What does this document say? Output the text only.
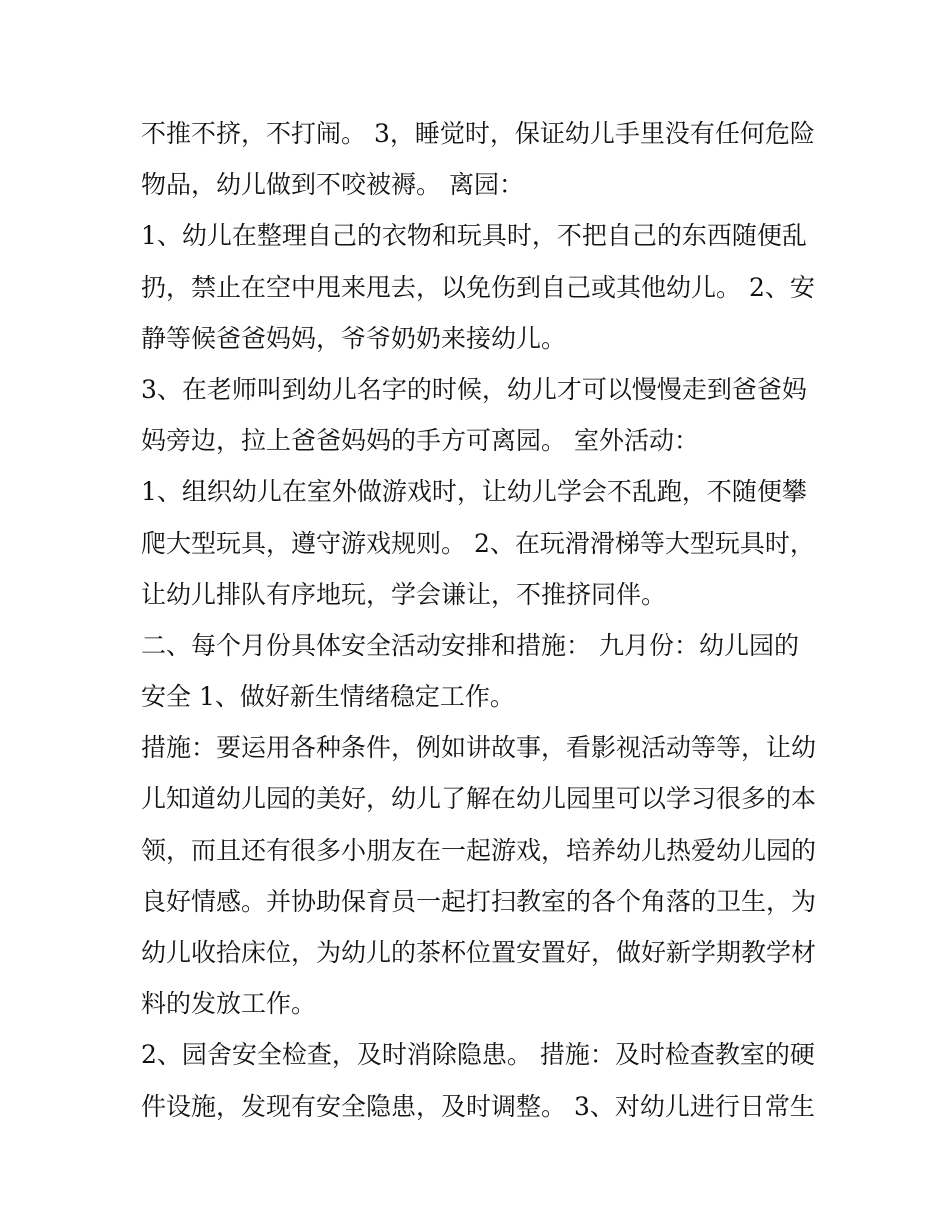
不推不挤，不打闹。 3，睡觉时，保证幼儿手里没有任何危险
物品，幼儿做到不咬被褥。 离园：
1、幼儿在整理自己的衣物和玩具时，不把自己的东西随便乱
扔，禁止在空中甩来甩去，以免伤到自己或其他幼儿。 2、安
静等候爸爸妈妈，爷爷奶奶来接幼儿。
3、在老师叫到幼儿名字的时候，幼儿才可以慢慢走到爸爸妈
妈旁边，拉上爸爸妈妈的手方可离园。 室外活动：
1、组织幼儿在室外做游戏时，让幼儿学会不乱跑，不随便攀
爬大型玩具，遵守游戏规则。 2、在玩滑滑梯等大型玩具时，
让幼儿排队有序地玩，学会谦让，不推挤同伴。
二、每个月份具体安全活动安排和措施： 九月份：幼儿园的
安全 1、做好新生情绪稳定工作。
措施：要运用各种条件，例如讲故事，看影视活动等等，让幼
儿知道幼儿园的美好，幼儿了解在幼儿园里可以学习很多的本
领，而且还有很多小朋友在一起游戏，培养幼儿热爱幼儿园的
良好情感。并协助保育员一起打扫教室的各个角落的卫生，为
幼儿收拾床位，为幼儿的茶杯位置安置好，做好新学期教学材
料的发放工作。
2、园舍安全检查，及时消除隐患。 措施：及时检查教室的硬
件设施，发现有安全隐患，及时调整。 3、对幼儿进行日常生
